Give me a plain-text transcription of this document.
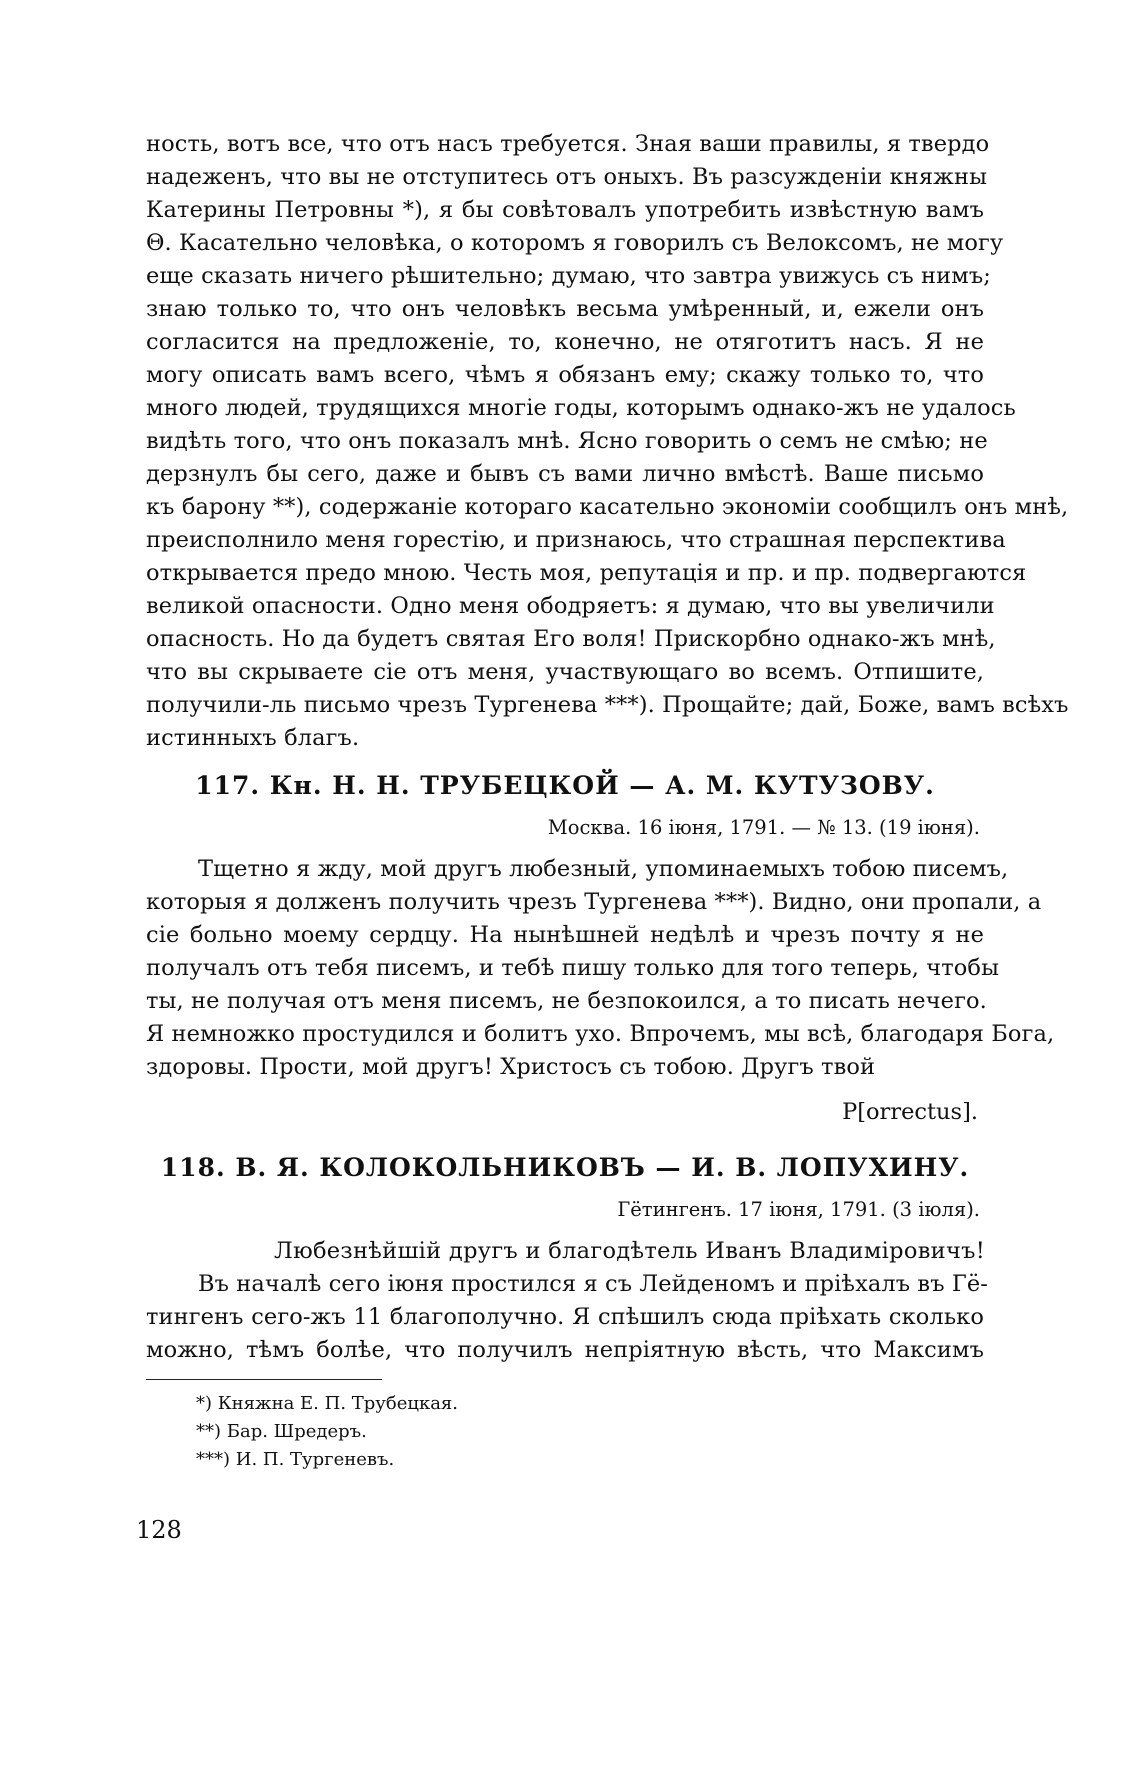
ность, вотъ все, что отъ насъ требуется. Зная ваши правилы, я твердо

надеженъ, что вы не отступитесь отъ оныхъ. Въ разсужденіи княжны

Катерины Петровны *), я бы совѣтовалъ употребить извѣстную вамъ

Θ. Касательно человѣка, о которомъ я говорилъ съ Велоксомъ, не могу

еще сказать ничего рѣшительно; думаю, что завтра увижусь съ нимъ;

знаю только то, что онъ человѣкъ весьма умѣренный, и, ежели онъ

согласится на предложеніе, то, конечно, не отяготитъ насъ. Я не

могу описать вамъ всего, чѣмъ я обязанъ ему; скажу только то, что

много людей, трудящихся многіе годы, которымъ однако-жъ не удалось

видѣть того, что онъ показалъ мнѣ. Ясно говорить о семъ не смѣю; не

дерзнулъ бы сего, даже и бывъ съ вами лично вмѣстѣ. Ваше письмо

къ барону **), содержаніе котораго касательно экономіи сообщилъ онъ мнѣ,

преисполнило меня горестію, и признаюсь, что страшная перспектива

открывается предо мною. Честь моя, репутація и пр. и пр. подвергаются

великой опасности. Одно меня ободряетъ: я думаю, что вы увеличили

опасность. Но да будетъ святая Его воля! Прискорбно однако-жъ мнѣ,

что вы скрываете сіе отъ меня, участвующаго во всемъ. Отпишите,

получили-ль письмо чрезъ Тургенева ***). Прощайте; дай, Боже, вамъ всѣхъ

истинныхъ благъ.

117. Кн. Н. Н. ТРУБЕЦКОЙ — А. М. КУТУЗОВУ.

Москва. 16 іюня, 1791. — № 13. (19 іюня).

Тщетно я жду, мой другъ любезный, упоминаемыхъ тобою писемъ,

которыя я долженъ получить чрезъ Тургенева ***). Видно, они пропали, а

сіе больно моему сердцу. На нынѣшней недѣлѣ и чрезъ почту я не

получалъ отъ тебя писемъ, и тебѣ пишу только для того теперь, чтобы

ты, не получая отъ меня писемъ, не безпокоился, а то писать нечего.

Я немножко простудился и болитъ ухо. Впрочемъ, мы всѣ, благодаря Бога,

здоровы. Прости, мой другъ! Христосъ съ тобою. Другъ твой

P[orrectus].

118. В. Я. КОЛОКОЛЬНИКОВЪ — И. В. ЛОПУХИНУ.

Гётингенъ. 17 іюня, 1791. (3 іюля).

Любезнѣйшій другъ и благодѣтель Иванъ Владиміровичъ!

Въ началѣ сего іюня простился я съ Лейденомъ и пріѣхалъ въ Гё-

тингенъ сего-жъ 11 благополучно. Я спѣшилъ сюда пріѣхать сколько

можно, тѣмъ болѣе, что получилъ непріятную вѣсть, что Максимъ

*) Княжна Е. П. Трубецкая.

**) Бар. Шредеръ.

***) И. П. Тургеневъ.

128
